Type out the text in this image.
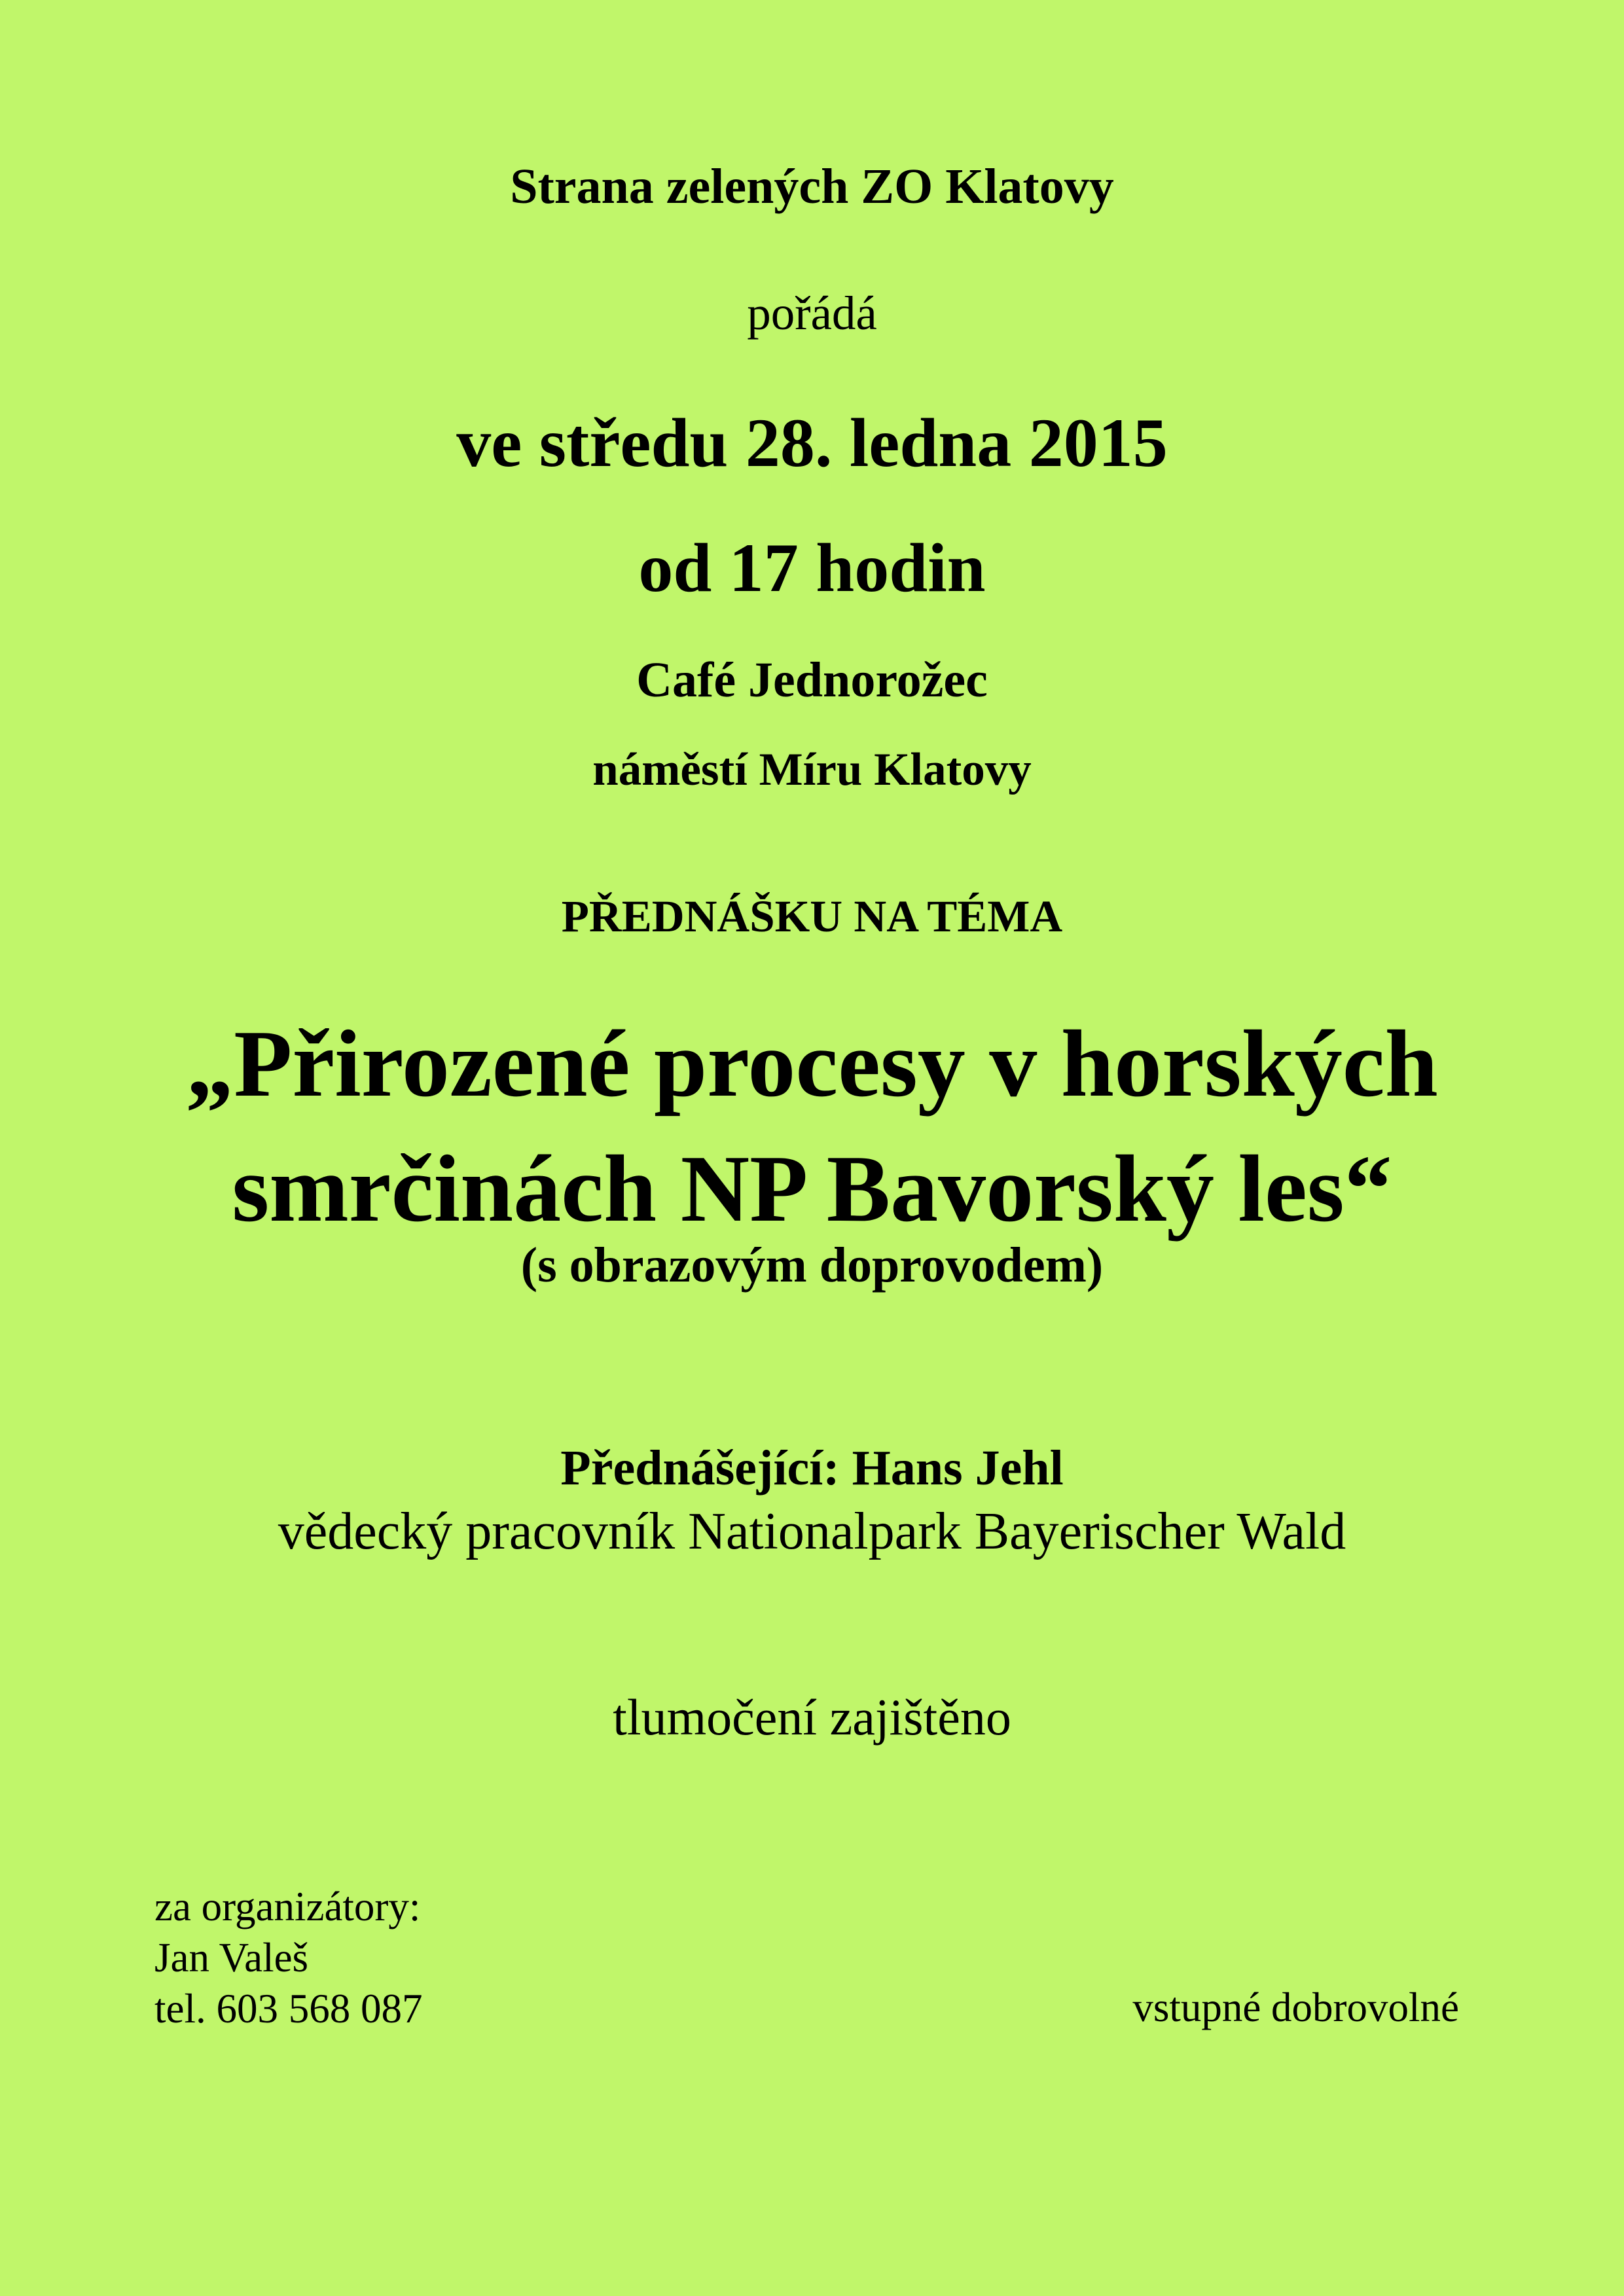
Strana zelených ZO Klatovy

pořádá

ve středu 28. ledna 2015

od 17 hodin

Café Jednorožec

náměstí Míru Klatovy

PŘEDNÁŠKU NA TÉMA

„Přirozené procesy v horských

smrčinách NP Bavorský les“

(s obrazovým doprovodem)

Přednášející: Hans Jehl

vědecký pracovník Nationalpark Bayerischer Wald

tlumočení zajištěno

za organizátory:
Jan Valeš
tel. 603 568 087	vstupné dobrovolné
